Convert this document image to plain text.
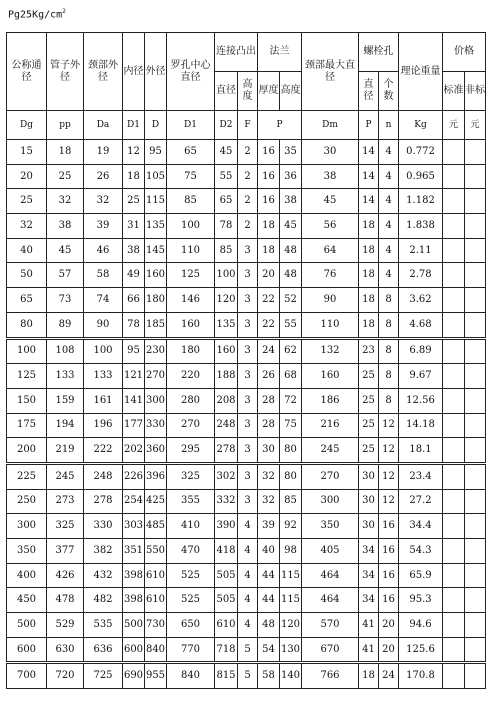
$Pg25Kg/cm^2$
公称通径	管子外径	颈部外径	内径	外径	罗孔中心直径	连接凸出		法兰		颈部最大直径	螺栓孔		理论重量	价格	
						直径	高度	厚度	高度		直径	个数		标准	非标
Dg	pp	Da	D1	D	D1	D2	F	P		Dm	P	n	Kg	元	元
15	18	19	12	95	65	45	2	16	35	30	14	4	0.772		
20	25	26	18	105	75	55	2	16	36	38	14	4	0.965		
25	32	32	25	115	85	65	2	16	38	45	14	4	1.182		
32	38	39	31	135	100	78	2	18	45	56	18	4	1.838		
40	45	46	38	145	110	85	3	18	48	64	18	4	2.11		
50	57	58	49	160	125	100	3	20	48	76	18	4	2.78		
65	73	74	66	180	146	120	3	22	52	90	18	8	3.62		
80	89	90	78	185	160	135	3	22	55	110	18	8	4.68		
100	108	100	95	230	180	160	3	24	62	132	23	8	6.89		
125	133	133	121	270	220	188	3	26	68	160	25	8	9.67		
150	159	161	141	300	280	208	3	28	72	186	25	8	12.56		
175	194	196	177	330	270	248	3	28	75	216	25	12	14.18		
200	219	222	202	360	295	278	3	30	80	245	25	12	18.1		
225	245	248	226	396	325	302	3	32	80	270	30	12	23.4		
250	273	278	254	425	355	332	3	32	85	300	30	12	27.2		
300	325	330	303	485	410	390	4	39	92	350	30	16	34.4		
350	377	382	351	550	470	418	4	40	98	405	34	16	54.3		
400	426	432	398	610	525	505	4	44	115	464	34	16	65.9		
450	478	482	398	610	525	505	4	44	115	464	34	16	95.3		
500	529	535	500	730	650	610	4	48	120	570	41	20	94.6		
600	630	636	600	840	770	718	5	54	130	670	41	20	125.6		
700	720	725	690	955	840	815	5	58	140	766	18	24	170.8		
